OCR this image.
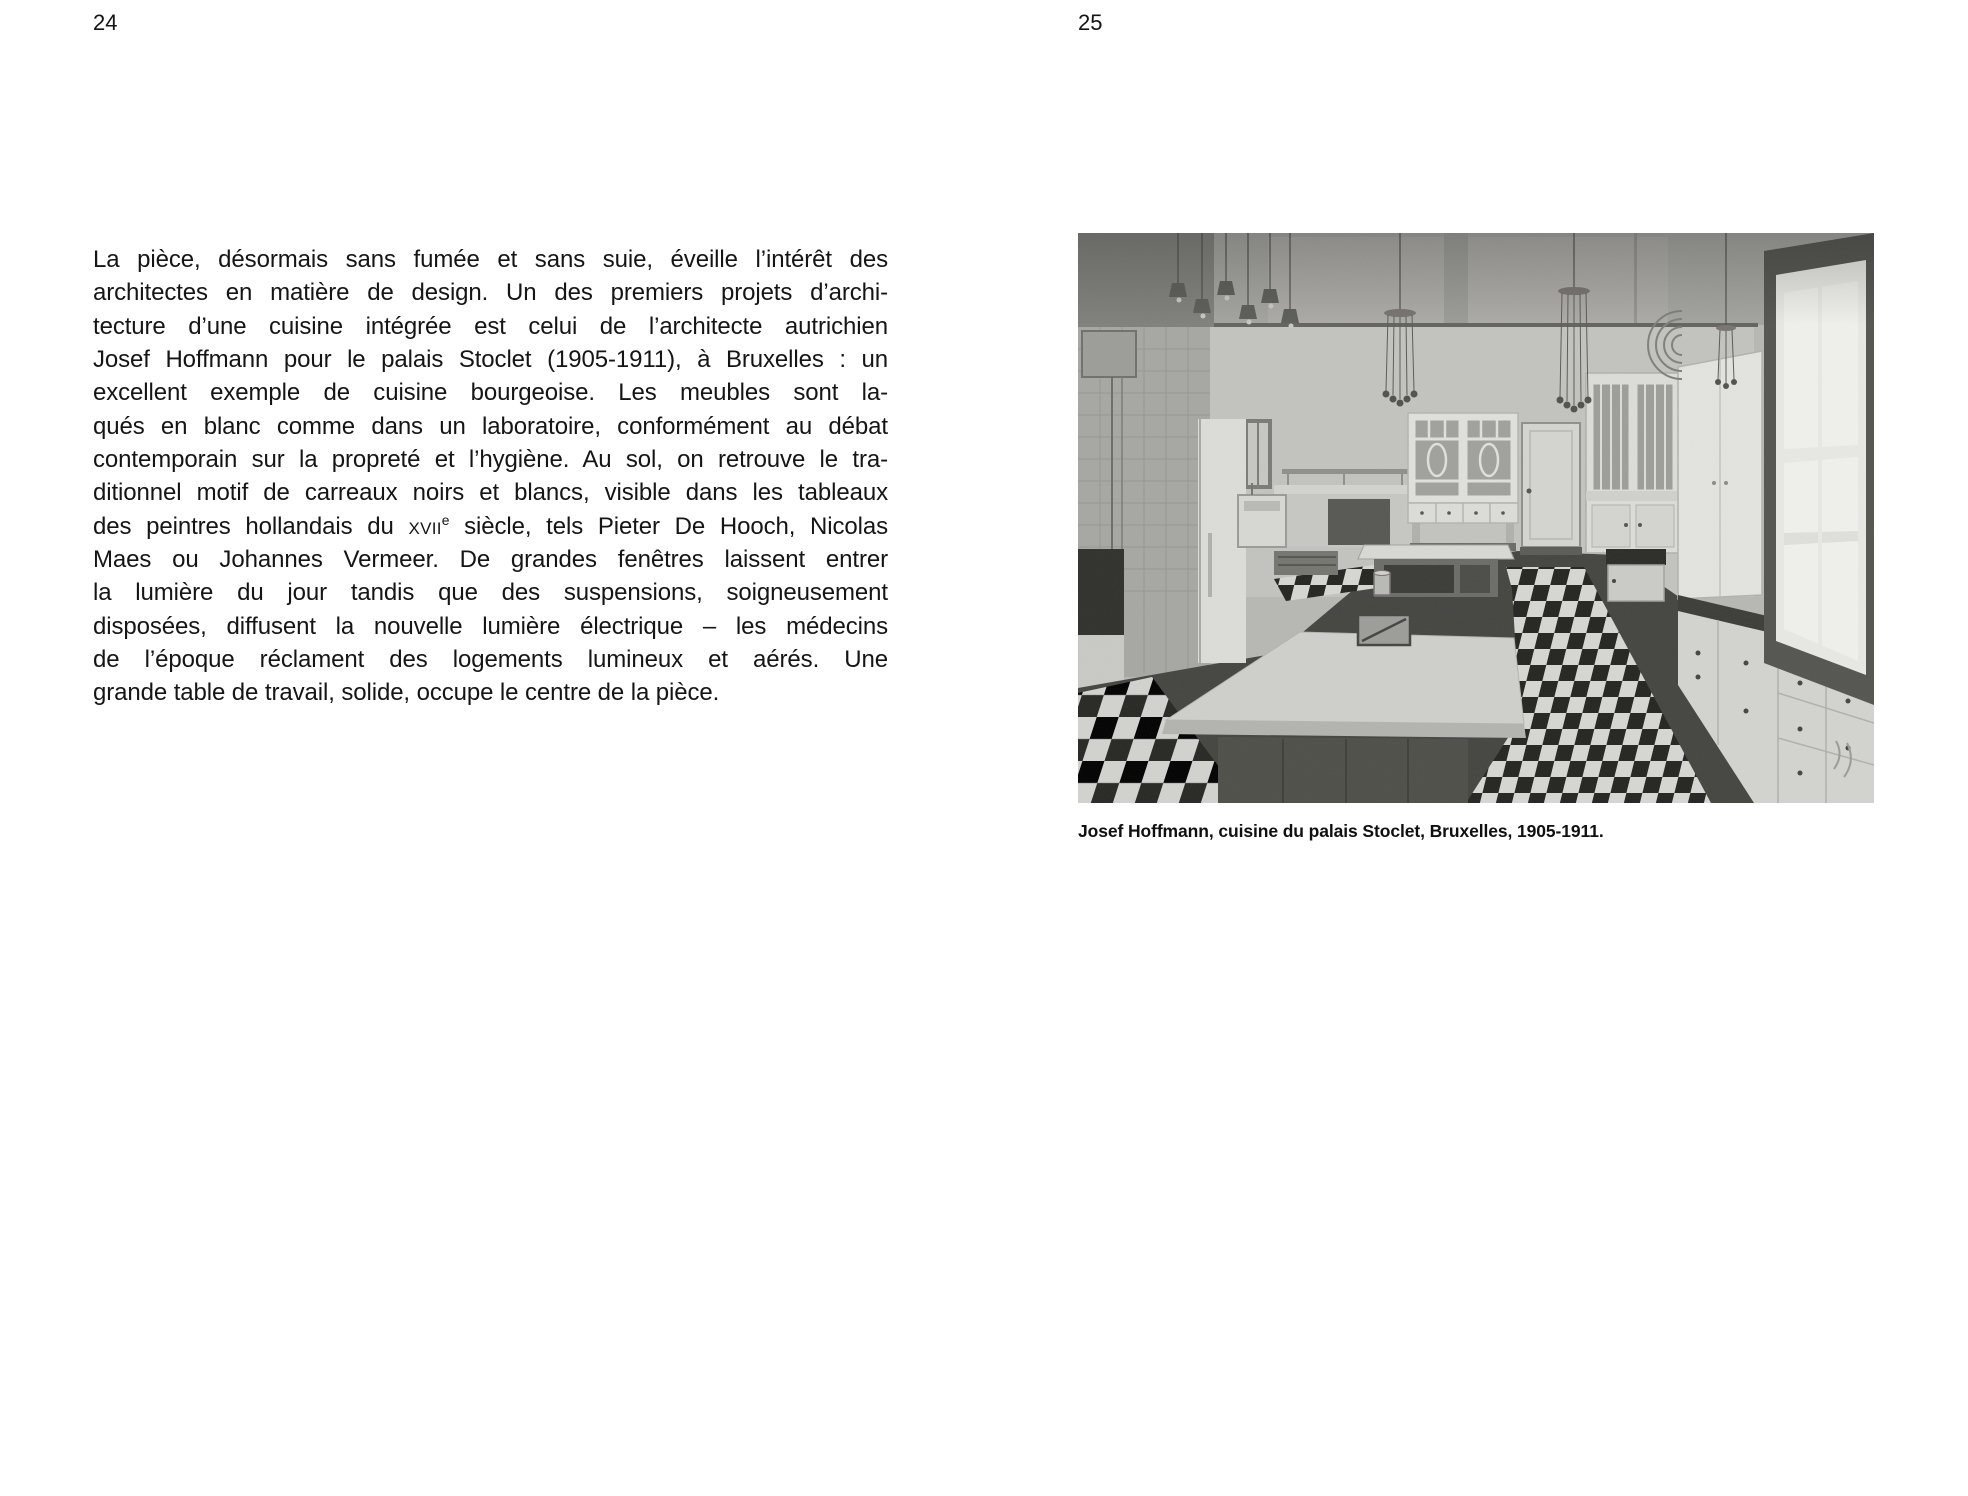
24
La pièce, désormais sans fumée et sans suie, éveille l’intérêt des
architectes en matière de design. Un des premiers projets d’archi-
tecture d’une cuisine intégrée est celui de l’architecte autrichien
Josef Hoffmann pour le palais Stoclet (1905-1911), à Bruxelles : un
excellent exemple de cuisine bourgeoise. Les meubles sont la-
qués en blanc comme dans un laboratoire, conformément au débat
contemporain sur la propreté et l’hygiène. Au sol, on retrouve le tra-
ditionnel motif de carreaux noirs et blancs, visible dans les tableaux
des peintres hollandais du xvii$^e$ siècle, tels Pieter De Hooch, Nicolas
Maes ou Johannes Vermeer. De grandes fenêtres laissent entrer
la lumière du jour tandis que des suspensions, soigneusement
disposées, diffusent la nouvelle lumière électrique – les médecins
de l’époque réclament des logements lumineux et aérés. Une
grande table de travail, solide, occupe le centre de la pièce.
25
Josef Hoffmann, cuisine du palais Stoclet, Bruxelles, 1905-1911.
